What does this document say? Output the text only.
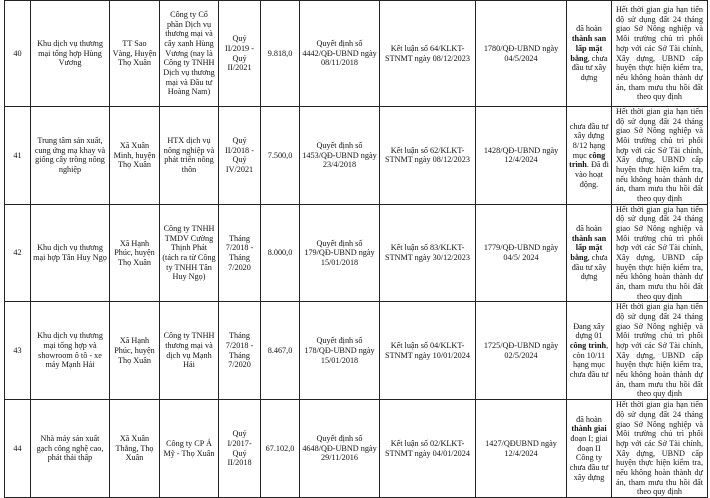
40	Khu dịch vụ thương mại tổng hợp Hùng Vương	TT Sao Vàng, Huyện Thọ Xuân	Công ty Cổ phần Dịch vụ thương mại và cây xanh Hùng Vương (nay là Công ty TNHH Dịch vụ thương mại và Đầu tư Hoàng Nam)	Quý II/2019 - Quý II/2021	9.818,0	Quyết định số 4442/QĐ-UBND ngày 08/11/2018	Kết luận số 64/KLKT-STNMT ngày 08/12/2023	1780/QĐ-UBND ngày 04/5/2024	đã hoàn thành san lấp mặt bằng, chưa đầu tư xây dựng	Hết thời gian gia hạn tiến độ sử dụng đất 24 tháng giao Sở Nông nghiệp và Môi trường chủ trì phối hợp với các Sở Tài chính, Xây dựng, UBND cấp huyện thực hiện kiểm tra, nếu không hoàn thành dự án, tham mưu thu hồi đất theo quy định
41	Trung tâm sản xuất, cung ứng mạ khay và giống cây trồng nông nghiệp	Xã Xuân Minh, huyện Thọ Xuân	HTX dịch vụ nông nghiệp và phát triển nông thôn	Quý II/2018 - Quý IV/2021	7.500,0	Quyết định số 1453/QĐ-UBND ngày 23/4/2018	Kết luận số 62/KLKT-STNMT ngày 08/12/2023	1428/QĐ-UBND ngày 12/4/2024	chưa đầu tư xây dựng 8/12 hạng mục công trình. Đã đi vào hoạt động.	Hết thời gian gia hạn tiến độ sử dụng đất 24 tháng giao Sở Nông nghiệp và Môi trường chủ trì phối hợp với các Sở Tài chính, Xây dựng, UBND cấp huyện thực hiện kiểm tra, nếu không hoàn thành dự án, tham mưu thu hồi đất theo quy định
42	Khu dịch vụ thương mại hợp Tân Huy Ngọ	Xã Hạnh Phúc, huyện Thọ Xuân	Công ty TNHH TMDV Cường Thịnh Phát (tách ra từ Công ty TNHH Tân Huy Ngọ)	Tháng 7/2018 - Tháng 7/2020	8.000,0	Quyết định số 179/QĐ-UBND ngày 15/01/2018	Kết luận số 83/KLKT-STNMT ngày 30/12/2023	1779/QĐ-UBND ngày 04/5/ 2024	đã hoàn thành san lấp mặt bằng, chưa đầu tư xây dựng	Hết thời gian gia hạn tiến độ sử dụng đất 24 tháng giao Sở Nông nghiệp và Môi trường chủ trì phối hợp với các Sở Tài chính, Xây dựng, UBND cấp huyện thực hiện kiểm tra, nếu không hoàn thành dự án, tham mưu thu hồi đất theo quy định
43	Khu dịch vụ thương mại tổng hợp và showroom ô tô - xe máy Mạnh Hải	Xã Hạnh Phúc, huyện Thọ Xuân	Công ty TNHH thương mại và dịch vụ Mạnh Hải	Tháng 7/2018 - Tháng 7/2020	8.467,0	Quyết định số 178/QĐ-UBND ngày 15/01/2018	Kết luận số 04/KLKT-STNMT ngày 10/01/2024	1725/QĐ-UBND ngày 02/5/2024	Đang xây dựng 01 công trình, còn 10/11 hạng mục chưa đầu tư	Hết thời gian gia hạn tiến độ sử dụng đất 24 tháng giao Sở Nông nghiệp và Môi trường chủ trì phối hợp với các Sở Tài chính, Xây dựng, UBND cấp huyện thực hiện kiểm tra, nếu không hoàn thành dự án, tham mưu thu hồi đất theo quy định
44	Nhà máy sản xuất gạch công nghệ cao, phát thải thấp	Xã Xuân Thắng, Thọ Xuân	Công ty CP Á Mỹ - Thọ Xuân	Quý I/2017- Quý II/2018	67.102,0	Quyết định số 4648/QĐ-UBND ngày 29/11/2016	Kết luận số 02/KLKT-STNMT ngày 04/01/2024	1427/QĐUBND ngày 12/4/2024	đã hoàn thành giai đoạn I; giai đoạn II Công ty chưa đầu tư xây dựng	Hết thời gian gia hạn tiến độ sử dụng đất 24 tháng giao Sở Nông nghiệp và Môi trường chủ trì phối hợp với các Sở Tài chính, Xây dựng, UBND cấp huyện thực hiện kiểm tra, nếu không hoàn thành dự án, tham mưu thu hồi đất theo quy định
